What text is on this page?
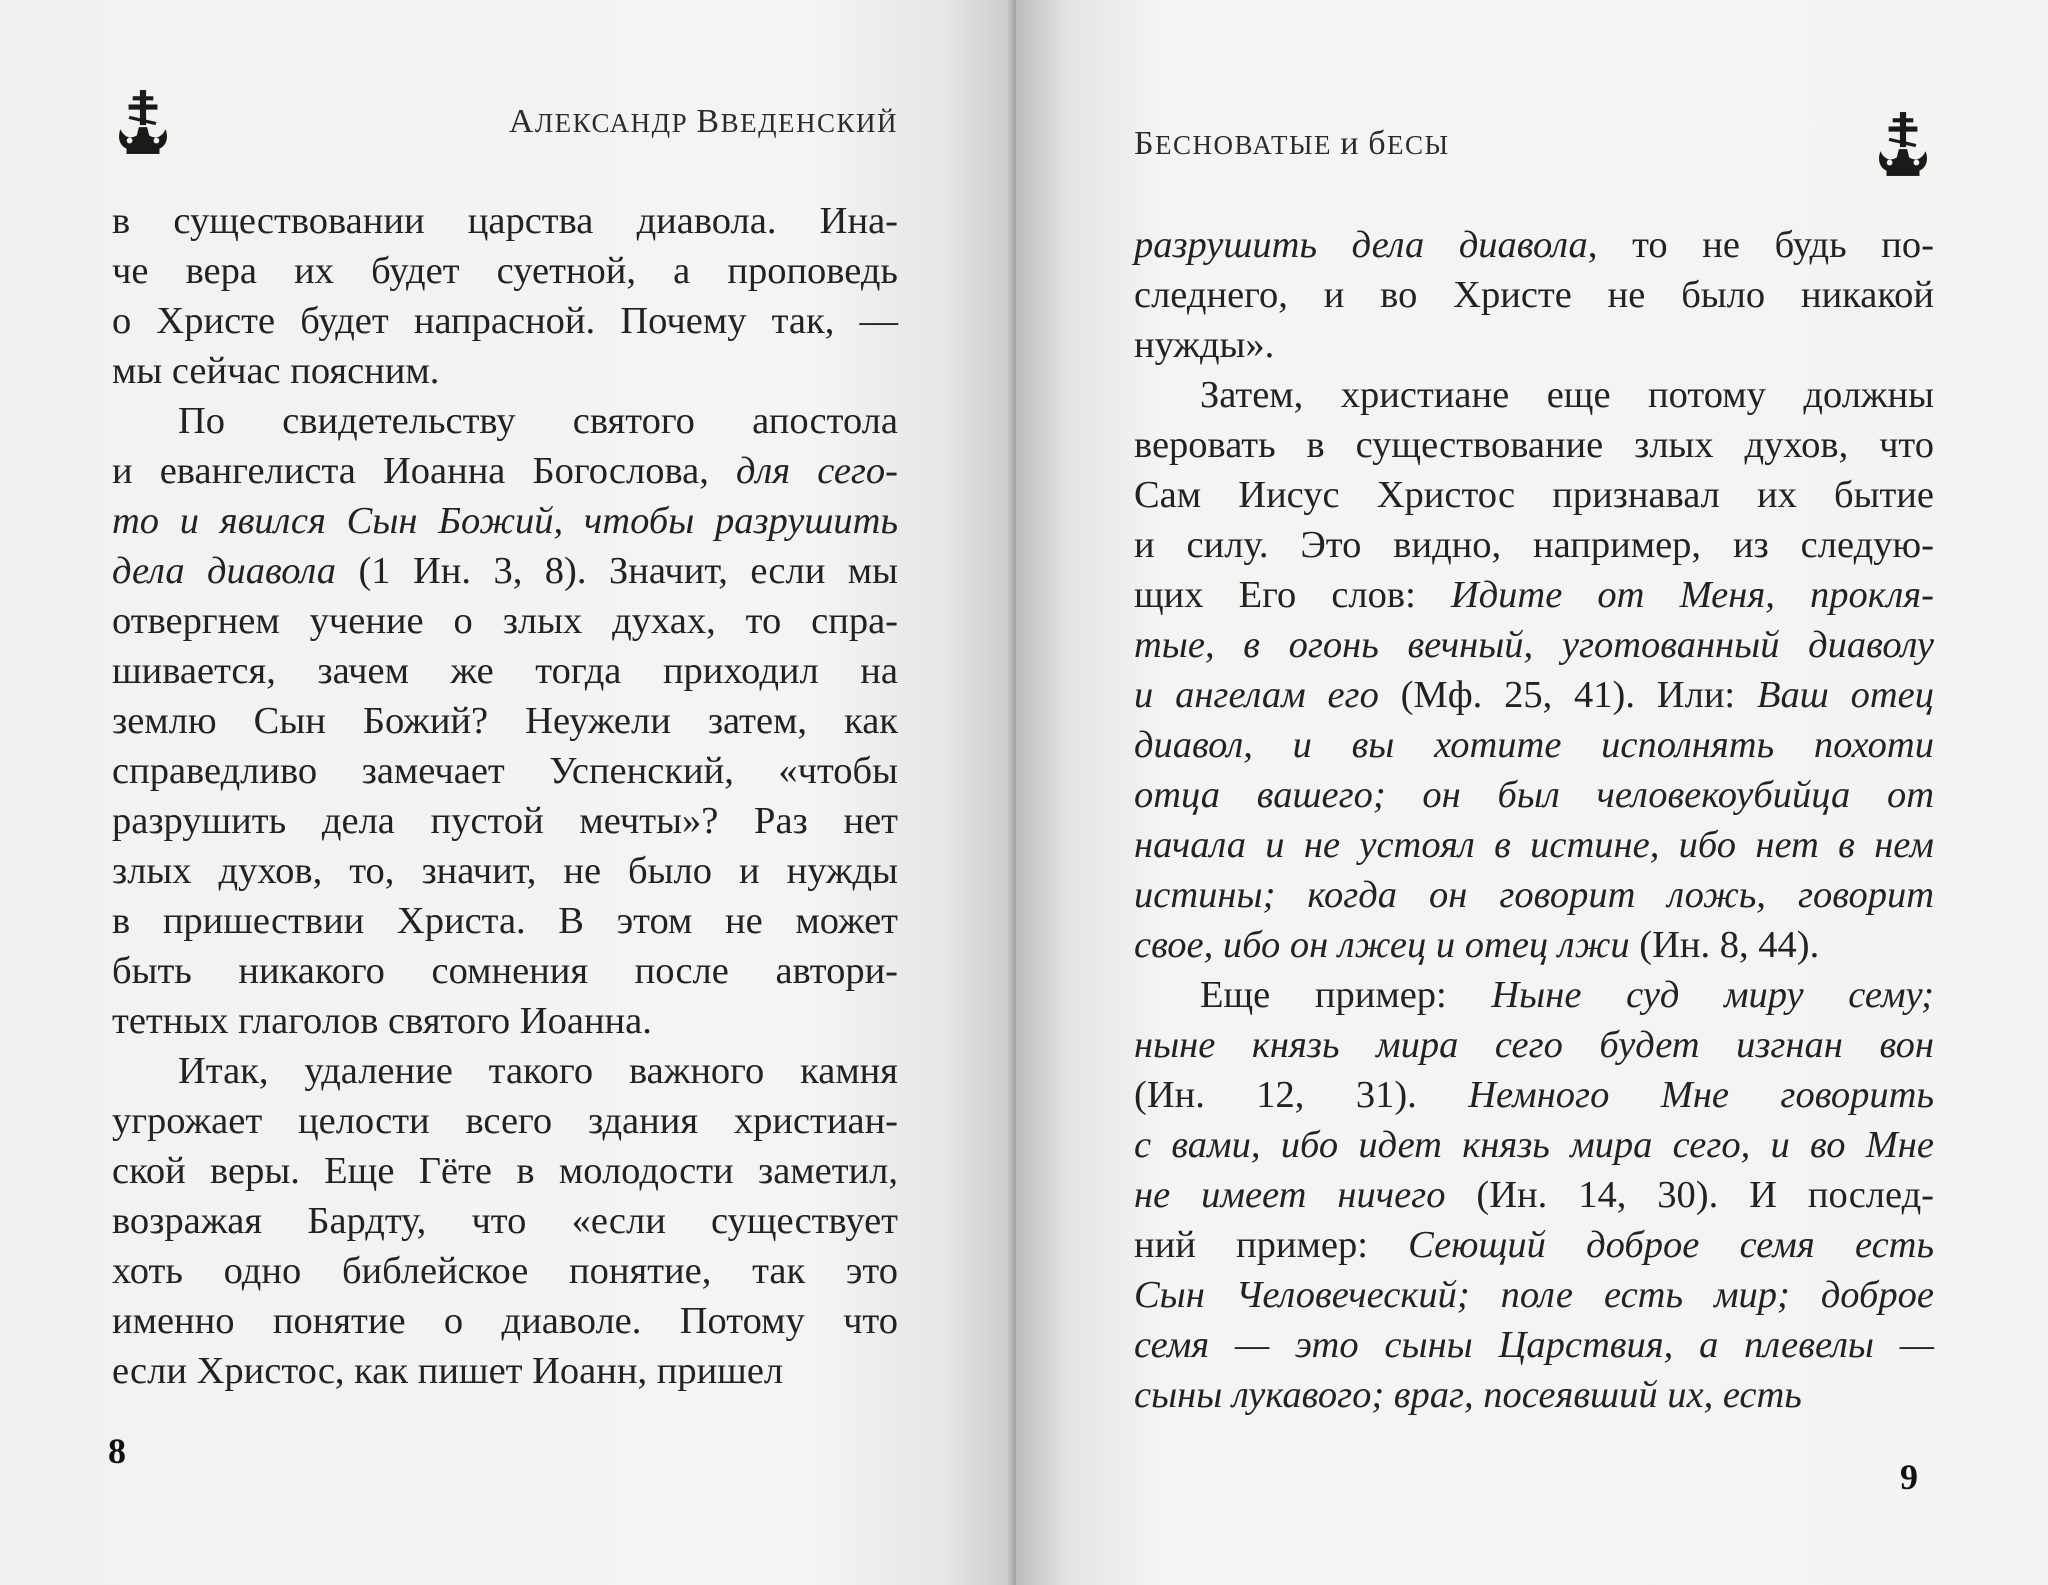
АЛЕКСАНДР ВВЕДЕНСКИЙ

в существовании царства диавола. Ина-

че вера их будет суетной, а проповедь

о Христе будет напрасной. Почему так, —

мы сейчас поясним.

По свидетельству святого апостола

и евангелиста Иоанна Богослова, для сего-

то и явился Сын Божий, чтобы разрушить

дела диавола (1 Ин. 3, 8). Значит, если мы

отвергнем учение о злых духах, то спра-

шивается, зачем же тогда приходил на

землю Сын Божий? Неужели затем, как

справедливо замечает Успенский, «чтобы

разрушить дела пустой мечты»? Раз нет

злых духов, то, значит, не было и нужды

в пришествии Христа. В этом не может

быть никакого сомнения после автори-

тетных глаголов святого Иоанна.

Итак, удаление такого важного камня

угрожает целости всего здания христиан-

ской веры. Еще Гёте в молодости заметил,

возражая Бардту, что «если существует

хоть одно библейское понятие, так это

именно понятие о диаволе. Потому что

если Христос, как пишет Иоанн, пришел

8
БЕСНОВАТЫЕ и бЕСЫ

разрушить дела диавола, то не будь по-

следнего, и во Христе не было никакой

нужды».

Затем, христиане еще потому должны

веровать в существование злых духов, что

Сам Иисус Христос признавал их бытие

и силу. Это видно, например, из следую-

щих Его слов: Идите от Меня, прокля-

тые, в огонь вечный, уготованный диаволу

и ангелам его (Мф. 25, 41). Или: Ваш отец

диавол, и вы хотите исполнять похоти

отца вашего; он был человекоубийца от

начала и не устоял в истине, ибо нет в нем

истины; когда он говорит ложь, говорит

свое, ибо он лжец и отец лжи (Ин. 8, 44).

Еще пример: Ныне суд миру сему;

ныне князь мира сего будет изгнан вон

(Ин. 12, 31). Немного Мне говорить

с вами, ибо идет князь мира сего, и во Мне

не имеет ничего (Ин. 14, 30). И послед-

ний пример: Сеющий доброе семя есть

Сын Человеческий; поле есть мир; доброе

семя — это сыны Царствия, а плевелы —

сыны лукавого; враг, посеявший их, есть

9
